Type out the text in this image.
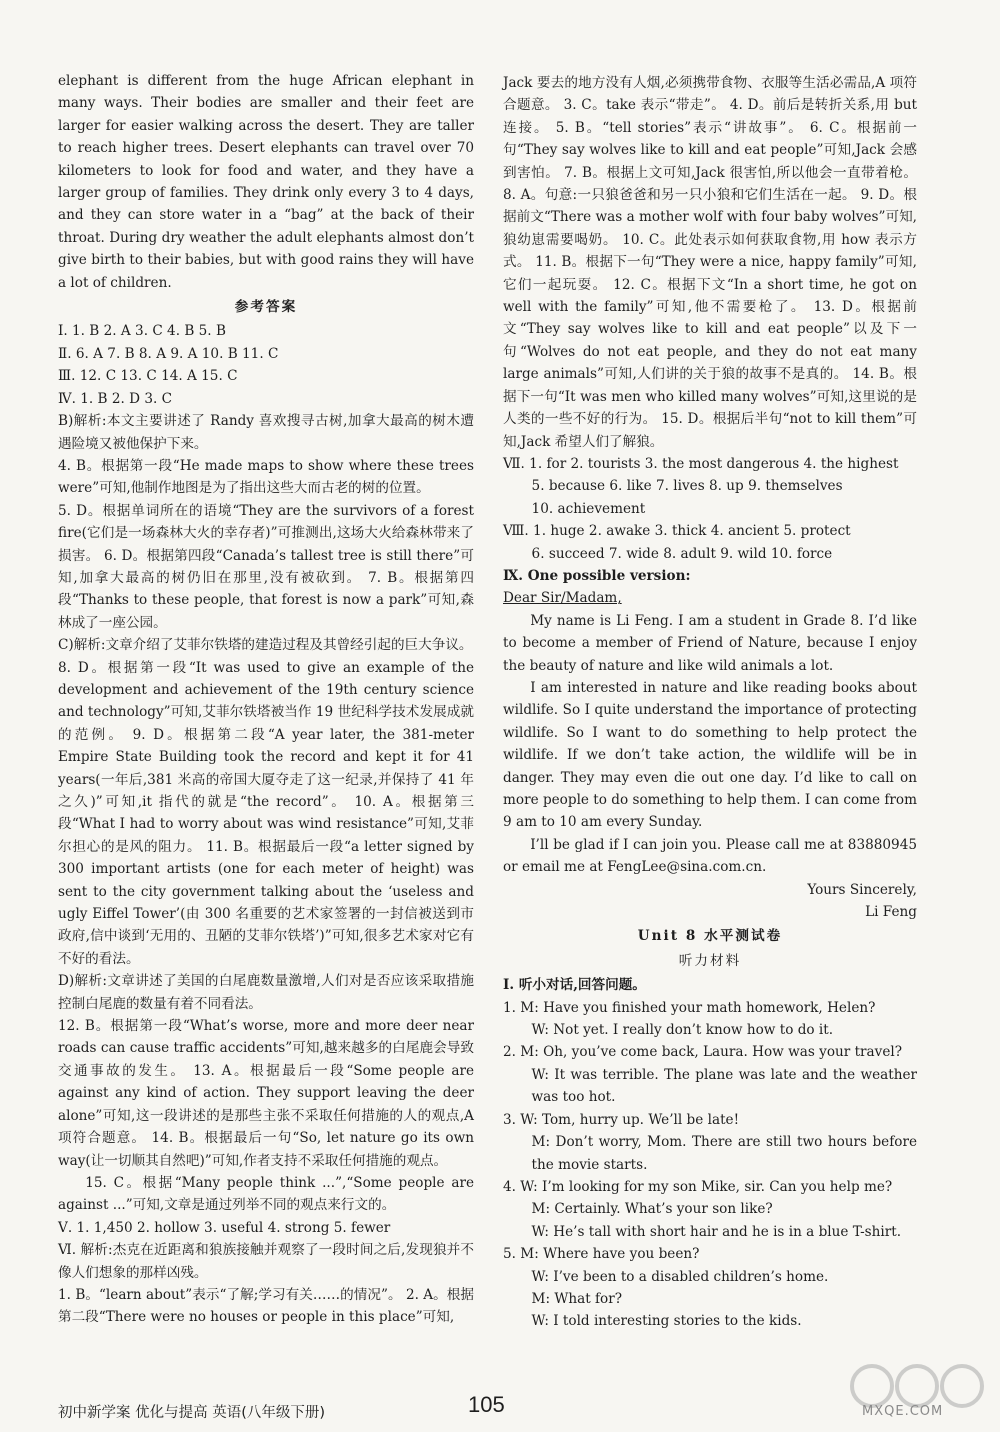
elephant is different from the huge African elephant in many ways. Their bodies are smaller and their feet are larger for easier walking across the desert. They are taller to reach higher trees. Desert elephants can travel over 70 kilometers to look for food and water, and they have a larger group of families. They drink only every 3 to 4 days, and they can store water in a “bag” at the back of their throat. During dry weather the adult elephants almost don’t give birth to their babies, but with good rains they will have a lot of children.

参考答案

Ⅰ. 1. B 2. A 3. C 4. B 5. B

Ⅱ. 6. A 7. B 8. A 9. A 10. B 11. C

Ⅲ. 12. C 13. C 14. A 15. C

Ⅳ. 1. B 2. D 3. C

B)解析:本文主要讲述了 Randy 喜欢搜寻古树,加拿大最高的树木遭遇险境又被他保护下来。

4. B。根据第一段“He made maps to show where these trees were”可知,他制作地图是为了指出这些大而古老的树的位置。

5. D。根据单词所在的语境“They are the survivors of a forest fire(它们是一场森林大火的幸存者)”可推测出,这场大火给森林带来了损害。 6. D。根据第四段“Canada’s tallest tree is still there”可知,加拿大最高的树仍旧在那里,没有被砍到。 7. B。根据第四段“Thanks to these people, that forest is now a park”可知,森林成了一座公园。

C)解析:文章介绍了艾菲尔铁塔的建造过程及其曾经引起的巨大争议。

8. D。根据第一段“It was used to give an example of the development and achievement of the 19th century science and technology”可知,艾菲尔铁塔被当作 19 世纪科学技术发展成就的范例。 9. D。根据第二段“A year later, the 381-meter Empire State Building took the record and kept it for 41 years(一年后,381 米高的帝国大厦夺走了这一纪录,并保持了 41 年之久)”可知,it 指代的就是“the record”。 10. A。根据第三段“What I had to worry about was wind resistance”可知,艾菲尔担心的是风的阻力。 11. B。根据最后一段“a letter signed by 300 important artists (one for each meter of height) was sent to the city government talking about the ‘useless and ugly Eiffel Tower’(由 300 名重要的艺术家签署的一封信被送到市政府,信中谈到‘无用的、丑陋的艾菲尔铁塔’)”可知,很多艺术家对它有不好的看法。

D)解析:文章讲述了美国的白尾鹿数量激增,人们对是否应该采取措施控制白尾鹿的数量有着不同看法。

12. B。根据第一段“What’s worse, more and more deer near roads can cause traffic accidents”可知,越来越多的白尾鹿会导致交通事故的发生。 13. A。根据最后一段“Some people are against any kind of action. They support leaving the deer alone”可知,这一段讲述的是那些主张不采取任何措施的人的观点,A 项符合题意。 14. B。根据最后一句“So, let nature go its own way(让一切顺其自然吧)”可知,作者支持不采取任何措施的观点。

15. C。根据“Many people think ...”,“Some people are against ...”可知,文章是通过列举不同的观点来行文的。

Ⅴ. 1. 1,450 2. hollow 3. useful 4. strong 5. fewer

Ⅵ. 解析:杰克在近距离和狼族接触并观察了一段时间之后,发现狼并不像人们想象的那样凶残。

1. B。“learn about”表示“了解;学习有关……的情况”。 2. A。根据第二段“There were no houses or people in this place”可知,

Jack 要去的地方没有人烟,必须携带食物、衣服等生活必需品,A 项符合题意。 3. C。take 表示“带走”。 4. D。前后是转折关系,用 but 连接。 5. B。“tell stories”表示“讲故事”。 6. C。根据前一句“They say wolves like to kill and eat people”可知,Jack 会感到害怕。 7. B。根据上文可知,Jack 很害怕,所以他会一直带着枪。 8. A。句意:一只狼爸爸和另一只小狼和它们生活在一起。 9. D。根据前文“There was a mother wolf with four baby wolves”可知,狼幼崽需要喝奶。 10. C。此处表示如何获取食物,用 how 表示方式。 11. B。根据下一句“They were a nice, happy family”可知,它们一起玩耍。 12. C。根据下文“In a short time, he got on well with the family”可知,他不需要枪了。 13. D。根据前文“They say wolves like to kill and eat people”以及下一句“Wolves do not eat people, and they do not eat many large animals”可知,人们讲的关于狼的故事不是真的。 14. B。根据下一句“It was men who killed many wolves”可知,这里说的是人类的一些不好的行为。 15. D。根据后半句“not to kill them”可知,Jack 希望人们了解狼。

Ⅶ. 1. for 2. tourists 3. the most dangerous 4. the highest

5. because 6. like 7. lives 8. up 9. themselves

10. achievement

Ⅷ. 1. huge 2. awake 3. thick 4. ancient 5. protect

6. succeed 7. wide 8. adult 9. wild 10. force

Ⅸ. One possible version:

Dear Sir/Madam,

My name is Li Feng. I am a student in Grade 8. I’d like to become a member of Friend of Nature, because I enjoy the beauty of nature and like wild animals a lot.

I am interested in nature and like reading books about wildlife. So I quite understand the importance of protecting wildlife. So I want to do something to help protect the wildlife. If we don’t take action, the wildlife will be in danger. They may even die out one day. I’d like to call on more people to do something to help them. I can come from 9 am to 10 am every Sunday.

I’ll be glad if I can join you. Please call me at 83880945 or email me at FengLee@sina.com.cn.

Yours Sincerely,

Li Feng

Unit 8 水平测试卷

听力材料

Ⅰ. 听小对话,回答问题。

1. M: Have you finished your math homework, Helen?

W: Not yet. I really don’t know how to do it.

2. M: Oh, you’ve come back, Laura. How was your travel?

W: It was terrible. The plane was late and the weather was too hot.

3. W: Tom, hurry up. We’ll be late!

M: Don’t worry, Mom. There are still two hours before the movie starts.

4. W: I’m looking for my son Mike, sir. Can you help me?

M: Certainly. What’s your son like?

W: He’s tall with short hair and he is in a blue T-shirt.

5. M: Where have you been?

W: I’ve been to a disabled children’s home.

M: What for?

W: I told interesting stories to the kids.

初中新学案 优化与提高 英语(八年级下册)	105	MXQE.COM
